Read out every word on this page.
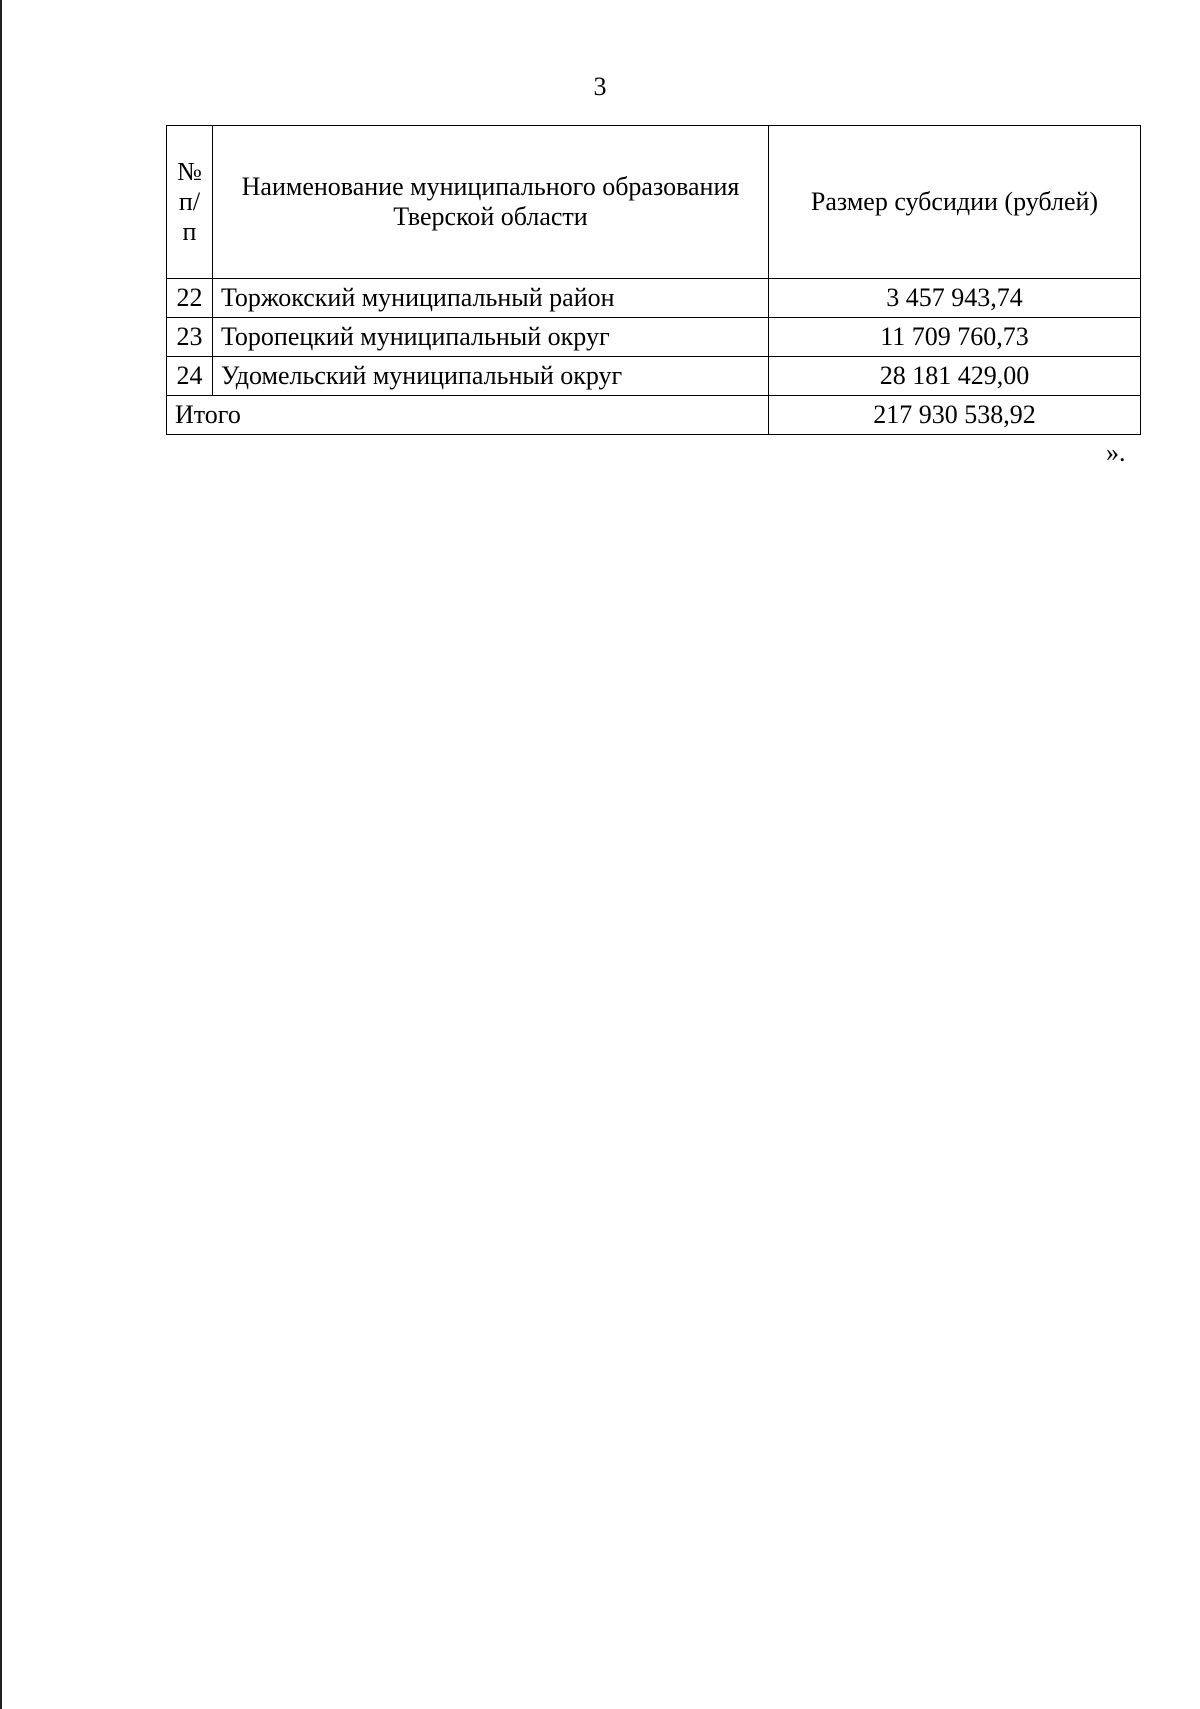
3
№ п/п	Наименование муниципального образования Тверской области	Размер субсидии (рублей)
22	Торжокский муниципальный район	3 457 943,74
23	Торопецкий муниципальный округ	11 709 760,73
24	Удомельский муниципальный округ	28 181 429,00
Итого		217 930 538,92
».
